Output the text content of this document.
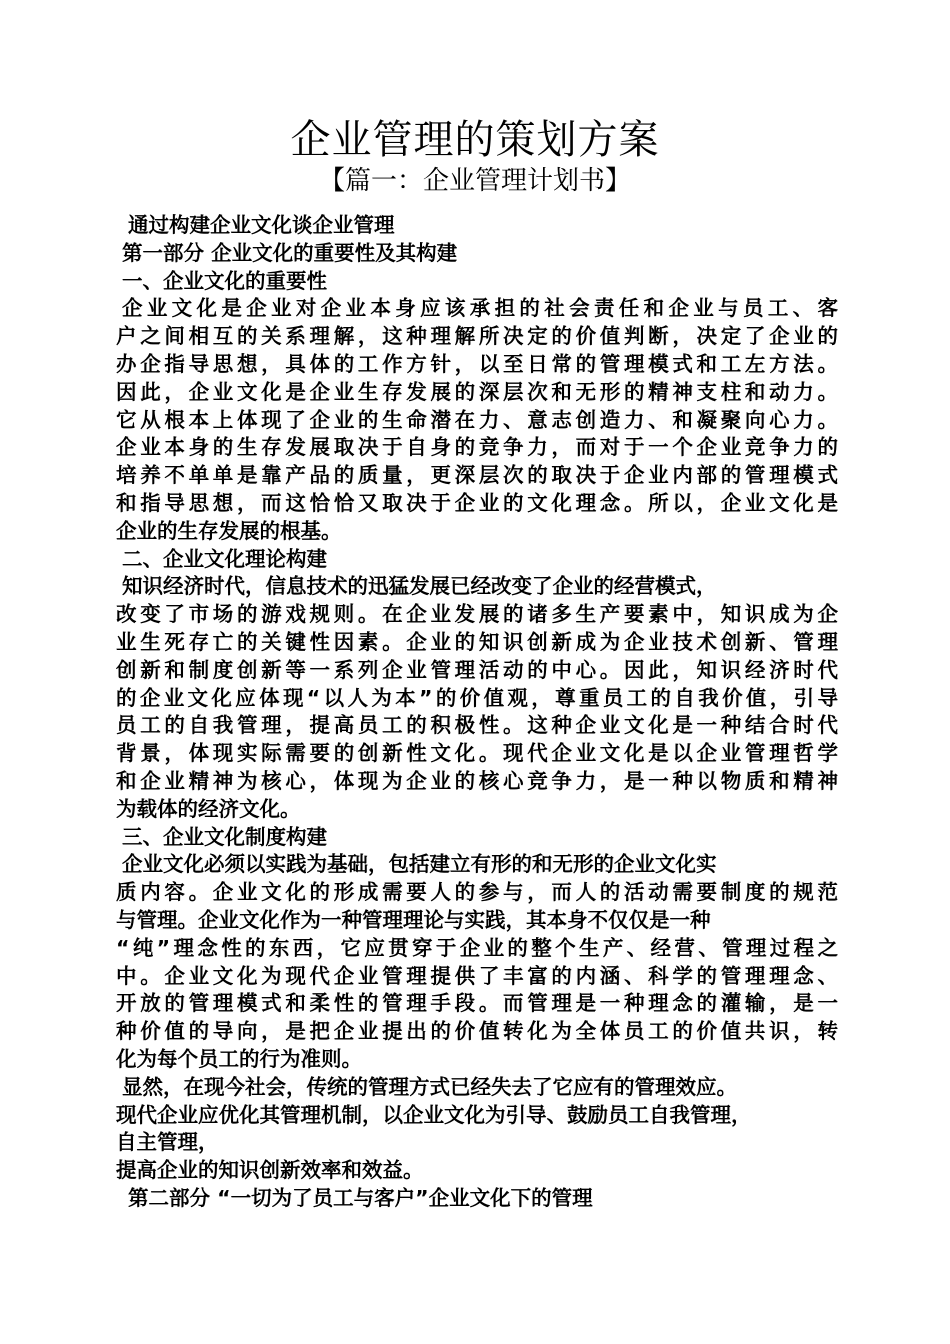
企业管理的策划方案
【篇一：企业管理计划书】
通过构建企业文化谈企业管理
第一部分 企业文化的重要性及其构建
一、企业文化的重要性
企业文化是企业对企业本身应该承担的社会责任和企业与员工、客
户之间相互的关系理解，这种理解所决定的价值判断，决定了企业的
办企指导思想，具体的工作方针，以至日常的管理模式和工左方法。
因此，企业文化是企业生存发展的深层次和无形的精神支柱和动力。
它从根本上体现了企业的生命潜在力、意志创造力、和凝聚向心力。
企业本身的生存发展取决于自身的竞争力，而对于一个企业竞争力的
培养不单单是靠产品的质量，更深层次的取决于企业内部的管理模式
和指导思想，而这恰恰又取决于企业的文化理念。所以，企业文化是
企业的生存发展的根基。
二、企业文化理论构建
知识经济时代，信息技术的迅猛发展已经改变了企业的经营模式，
改变了市场的游戏规则。在企业发展的诸多生产要素中，知识成为企
业生死存亡的关键性因素。企业的知识创新成为企业技术创新、管理
创新和制度创新等一系列企业管理活动的中心。因此，知识经济时代
的企业文化应体现“以人为本”的价值观，尊重员工的自我价值，引导
员工的自我管理，提高员工的积极性。这种企业文化是一种结合时代
背景，体现实际需要的创新性文化。现代企业文化是以企业管理哲学
和企业精神为核心，体现为企业的核心竞争力，是一种以物质和精神
为载体的经济文化。
三、企业文化制度构建
企业文化必须以实践为基础，包括建立有形的和无形的企业文化实
质内容。企业文化的形成需要人的参与，而人的活动需要制度的规范
与管理。企业文化作为一种管理理论与实践，其本身不仅仅是一种
“纯”理念性的东西，它应贯穿于企业的整个生产、经营、管理过程之
中。企业文化为现代企业管理提供了丰富的内涵、科学的管理理念、
开放的管理模式和柔性的管理手段。而管理是一种理念的灌输，是一
种价值的导向，是把企业提出的价值转化为全体员工的价值共识，转
化为每个员工的行为准则。
显然，在现今社会，传统的管理方式已经失去了它应有的管理效应。
现代企业应优化其管理机制，以企业文化为引导、鼓励员工自我管理，
自主管理，
提高企业的知识创新效率和效益。
第二部分 “一切为了员工与客户”企业文化下的管理
